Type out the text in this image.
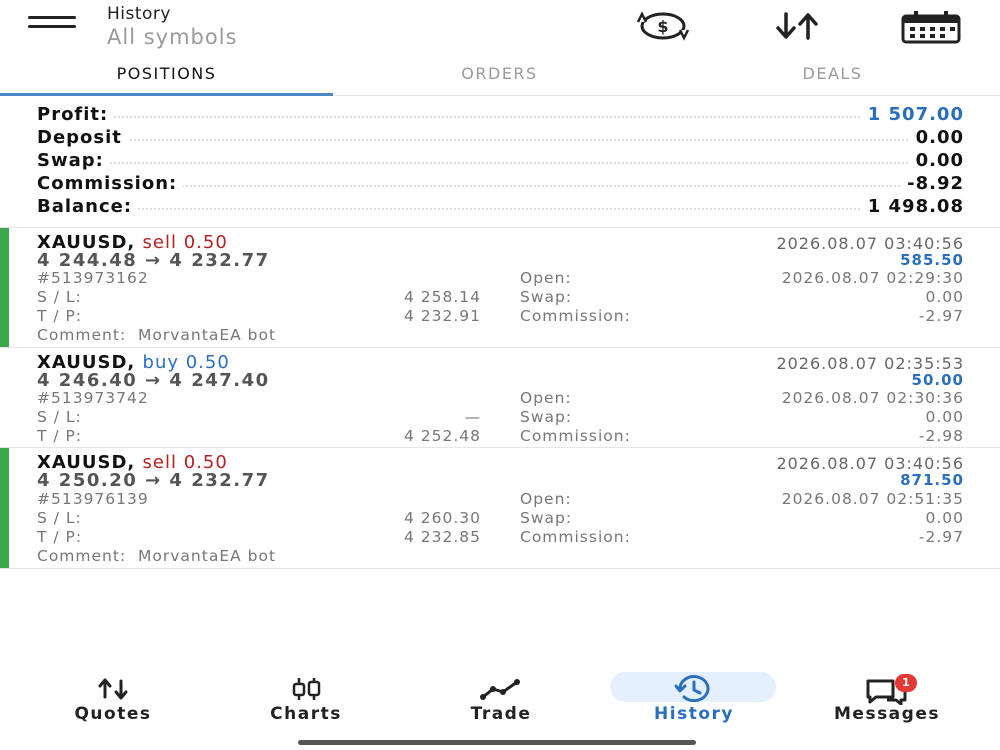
History
All symbols	$
POSITIONS	ORDERS	DEALS
Profit:	1 507.00
Deposit	0.00
Swap:	0.00
Commission:	-8.92
Balance:	1 498.08
XAUUSD, sell 0.50
4 244.48 → 4 232.77
2026.08.07 03:40:56
585.50
#513973162	Open:	2026.08.07 02:29:30
S / L:	4 258.14	Swap:	0.00
T / P:	4 232.91	Commission:	-2.97
Comment: MorvantaEA bot
XAUUSD, buy 0.50
4 246.40 → 4 247.40
2026.08.07 02:35:53
50.00
#513973742	Open:	2026.08.07 02:30:36
S / L:	—	Swap:	0.00
T / P:	4 252.48	Commission:	-2.98
XAUUSD, sell 0.50
4 250.20 → 4 232.77
2026.08.07 03:40:56
871.50
#513976139	Open:	2026.08.07 02:51:35
S / L:	4 260.30	Swap:	0.00
T / P:	4 232.85	Commission:	-2.97
Comment: MorvantaEA bot
Quotes	Charts	Trade	History
1
Messages
